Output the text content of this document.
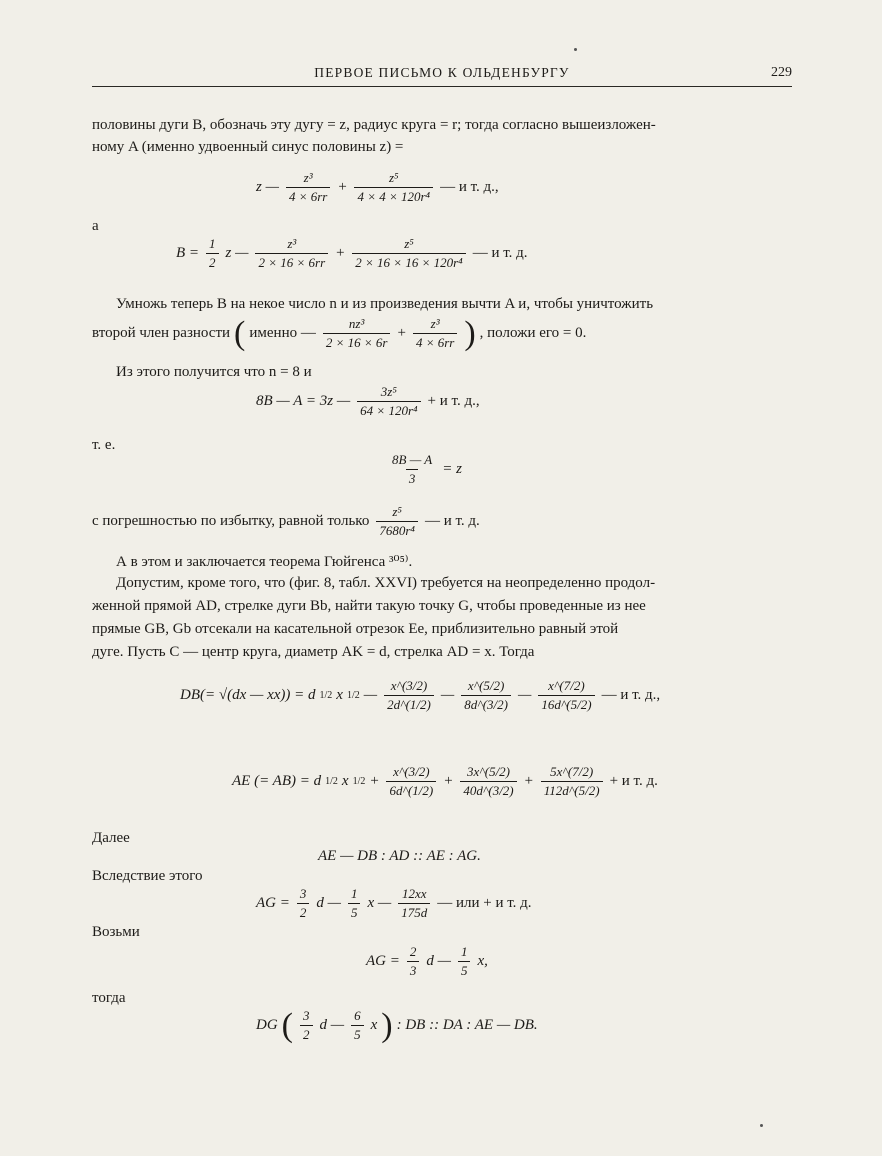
ПЕРВОЕ ПИСЬМО К ОЛЬДЕНБУРГУ	229
половины дуги B, обозначь эту дугу = z, радиус круга = r; тогда согласно вышеизложен-
ному A (именно удвоенный синус половины z) =
z — $\frac{\text{z³}}{4 \times 6rr} + \frac{\text{z⁵}}{\text{4 × 4 × 120r⁴}}$ — и т. д.,
а
$B = \frac{1}{2}$ z — $\frac{\text{z³}}{2 \times 16 \times 6rr} + \frac{\text{z⁵}}{\text{2 × 16 × 16 × 120r⁴}}$ — и т. д.
Умножь теперь B на некое число n и из произведения вычти A и, чтобы уничтожить
второй член разности ( именно — $\frac{\text{nz³}}{2 \times 16 \times 6r} + \frac{\text{z³}}{4 \times 6rr}$ ) , положи его = 0.
Из этого получится что n = 8 и
8B — A = 3z — $\frac{\text{3z⁵}}{\text{64 × 120r⁴}} + и$ т. д.,
т. е.
$\frac{8B — A}{3} = z$
с погрешностью по избытку, равной только $\frac{\text{z⁵}}{\text{7680r⁴}}$ — и т. д.
А в этом и заключается теорема Гюйгенса ³⁰⁵⁾.
Допустим, кроме того, что (фиг. 8, табл. XXVI) требуется на неопределенно продол-
женной прямой AD, стрелке дуги Bb, найти такую точку G, чтобы проведенные из нее
прямые GB, Gb отсекали на касательной отрезок Ee, приблизительно равный этой
дуге. Пусть C — центр круга, диаметр AK = d, стрелка AD = x. Тогда
DB(= √(dx — xx)) = d 1/2 x 1/2 — $\frac{x\^{}(3/2)}{2d\^{}(1/2)}$ — $\frac{x\^{}(5/2)}{8d\^{}(3/2)}$ — $\frac{x\^{}(7/2)}{16d\^{}(5/2)}$ — и т. д.,
AE (= AB) = d 1/2 x $1/2 + \frac{x\^{}(3/2)}{6d\^{}(1/2)} + \frac{3x\^{}(5/2)}{40d\^{}(3/2)} + \frac{5x\^{}(7/2)}{112d\^{}(5/2)} + и$ т. д.
Далее
AE — DB : AD :: AE : AG.
Вследствие этого
AG = $\frac{3}{2}$ d — $\frac{1}{5}$ x — $\frac{12xx}{175d}$ — или + и т. д.
Возьми
AG = $\frac{2}{3}$ d — $\frac{1}{5} x$,
тогда
DG ( $\frac{3}{2}$ d — $\frac{6}{5}$ x ) : DB :: DA : AE — DB.
